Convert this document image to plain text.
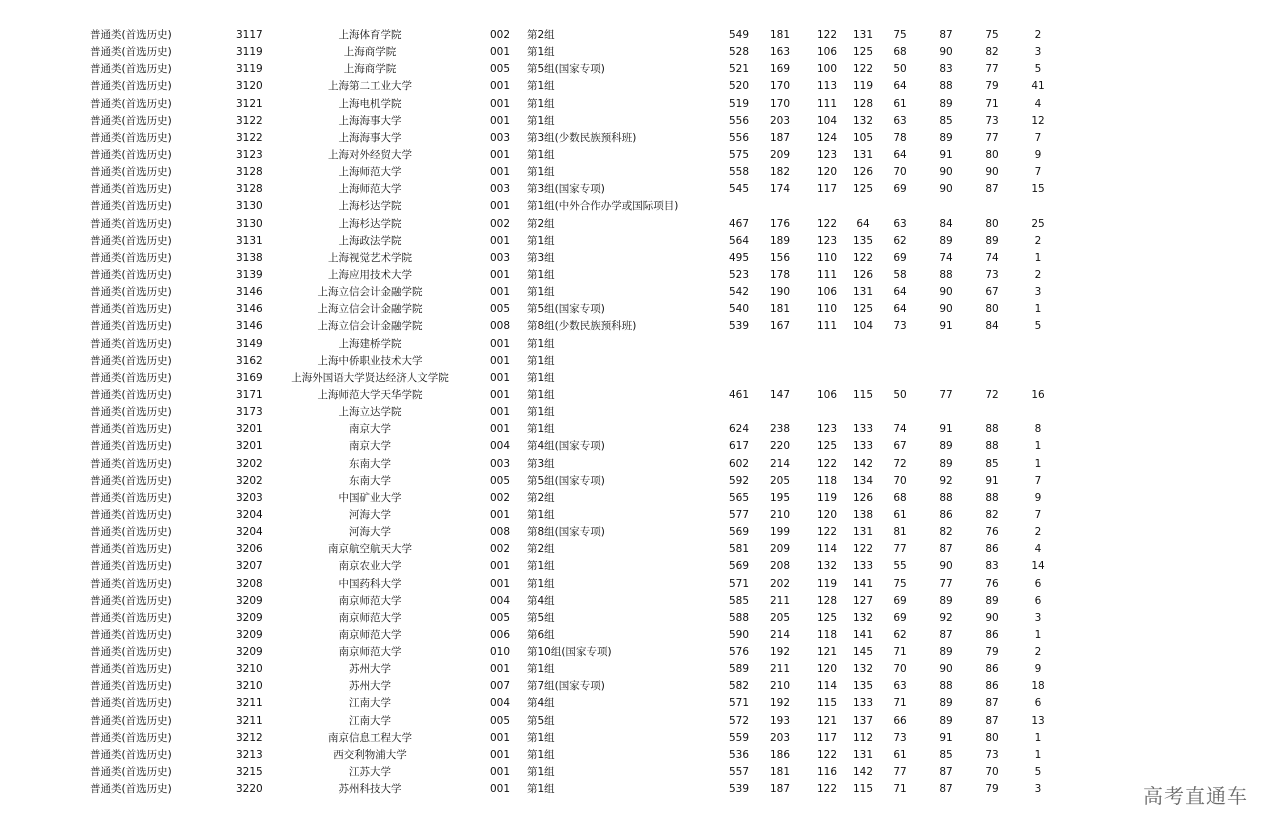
普通类(首选历史)	3117	上海体育学院	002 第2组	549 181	122 131 75	87	75	2
普通类(首选历史)	3119	上海商学院	001 第1组	528 163	106 125 68	90	82	3
普通类(首选历史)	3119	上海商学院	005 第5组(国家专项)	521 169	100 122 50	83	77	5
普通类(首选历史)	3120	上海第二工业大学	001 第1组	520 170	113 119 64	88	79	41
普通类(首选历史)	3121	上海电机学院	001 第1组	519 170	111 128 61	89	71	4
普通类(首选历史)	3122	上海海事大学	001 第1组	556 203	104 132 63	85	73	12
普通类(首选历史)	3122	上海海事大学	003 第3组(少数民族预科班)	556 187	124 105 78	89	77	7
普通类(首选历史)	3123	上海对外经贸大学	001 第1组	575 209	123 131 64	91	80	9
普通类(首选历史)	3128	上海师范大学	001 第1组	558 182	120 126 70	90	90	7
普通类(首选历史)	3128	上海师范大学	003 第3组(国家专项)	545 174	117 125 69	90	87	15
普通类(首选历史)	3130	上海杉达学院	001 第1组(中外合作办学或国际项目)
普通类(首选历史)	3130	上海杉达学院	002 第2组	467 176	122 64 63	84	80	25
普通类(首选历史)	3131	上海政法学院	001 第1组	564 189	123 135 62	89	89	2
普通类(首选历史)	3138	上海视觉艺术学院	003 第3组	495 156	110 122 69	74	74	1
普通类(首选历史)	3139	上海应用技术大学	001 第1组	523 178	111 126 58	88	73	2
普通类(首选历史)	3146	上海立信会计金融学院	001 第1组	542 190	106 131 64	90	67	3
普通类(首选历史)	3146	上海立信会计金融学院	005 第5组(国家专项)	540 181	110 125 64	90	80	1
普通类(首选历史)	3146	上海立信会计金融学院	008 第8组(少数民族预科班)	539 167	111 104 73	91	84	5
普通类(首选历史)	3149	上海建桥学院	001 第1组
普通类(首选历史)	3162	上海中侨职业技术大学	001 第1组
普通类(首选历史)	3169	上海外国语大学贤达经济人文学院	001 第1组
普通类(首选历史)	3171	上海师范大学天华学院	001 第1组	461 147	106 115 50	77	72	16
普通类(首选历史)	3173	上海立达学院	001 第1组
普通类(首选历史)	3201	南京大学	001 第1组	624 238	123 133 74	91	88	8
普通类(首选历史)	3201	南京大学	004 第4组(国家专项)	617 220	125 133 67	89	88	1
普通类(首选历史)	3202	东南大学	003 第3组	602 214	122 142 72	89	85	1
普通类(首选历史)	3202	东南大学	005 第5组(国家专项)	592 205	118 134 70	92	91	7
普通类(首选历史)	3203	中国矿业大学	002 第2组	565 195	119 126 68	88	88	9
普通类(首选历史)	3204	河海大学	001 第1组	577 210	120 138 61	86	82	7
普通类(首选历史)	3204	河海大学	008 第8组(国家专项)	569 199	122 131 81	82	76	2
普通类(首选历史)	3206	南京航空航天大学	002 第2组	581 209	114 122 77	87	86	4
普通类(首选历史)	3207	南京农业大学	001 第1组	569 208	132 133 55	90	83	14
普通类(首选历史)	3208	中国药科大学	001 第1组	571 202	119 141 75	77	76	6
普通类(首选历史)	3209	南京师范大学	004 第4组	585 211	128 127 69	89	89	6
普通类(首选历史)	3209	南京师范大学	005 第5组	588 205	125 132 69	92	90	3
普通类(首选历史)	3209	南京师范大学	006 第6组	590 214	118 141 62	87	86	1
普通类(首选历史)	3209	南京师范大学	010 第10组(国家专项)	576 192	121 145 71	89	79	2
普通类(首选历史)	3210	苏州大学	001 第1组	589 211	120 132 70	90	86	9
普通类(首选历史)	3210	苏州大学	007 第7组(国家专项)	582 210	114 135 63	88	86	18
普通类(首选历史)	3211	江南大学	004 第4组	571 192	115 133 71	89	87	6
普通类(首选历史)	3211	江南大学	005 第5组	572 193	121 137 66	89	87	13
普通类(首选历史)	3212	南京信息工程大学	001 第1组	559 203	117 112 73	91	80	1
普通类(首选历史)	3213	西交利物浦大学	001 第1组	536 186	122 131 61	85	73	1
普通类(首选历史)	3215	江苏大学	001 第1组	557 181	116 142 77	87	70	5
普通类(首选历史)	3220	苏州科技大学	001 第1组	539 187	122 115 71	87	79	3	高考直通车
